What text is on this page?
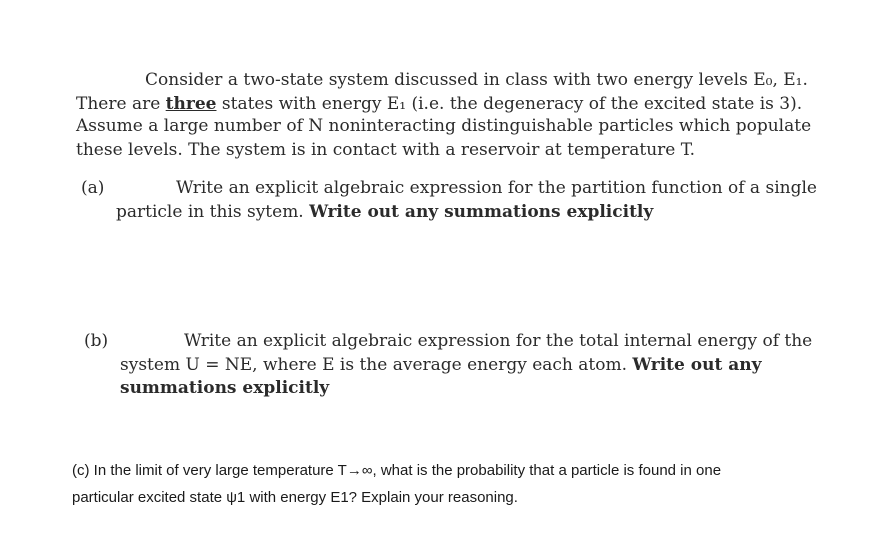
Consider a two-state system discussed in class with two energy levels E₀, E₁.
There are three states with energy E₁ (i.e. the degeneracy of the excited state is 3).
Assume a large number of N noninteracting distinguishable particles which populate
these levels. The system is in contact with a reservoir at temperature T.
(a)	Write an explicit algebraic expression for the partition function of a single
particle in this sytem. Write out any summations explicitly
(b)	Write an explicit algebraic expression for the total internal energy of the
system U = NE, where E is the average energy each atom. Write out any
summations explicitly
(c) In the limit of very large temperature T→∞, what is the probability that a particle is found in one
particular excited state ψ1 with energy E1? Explain your reasoning.
